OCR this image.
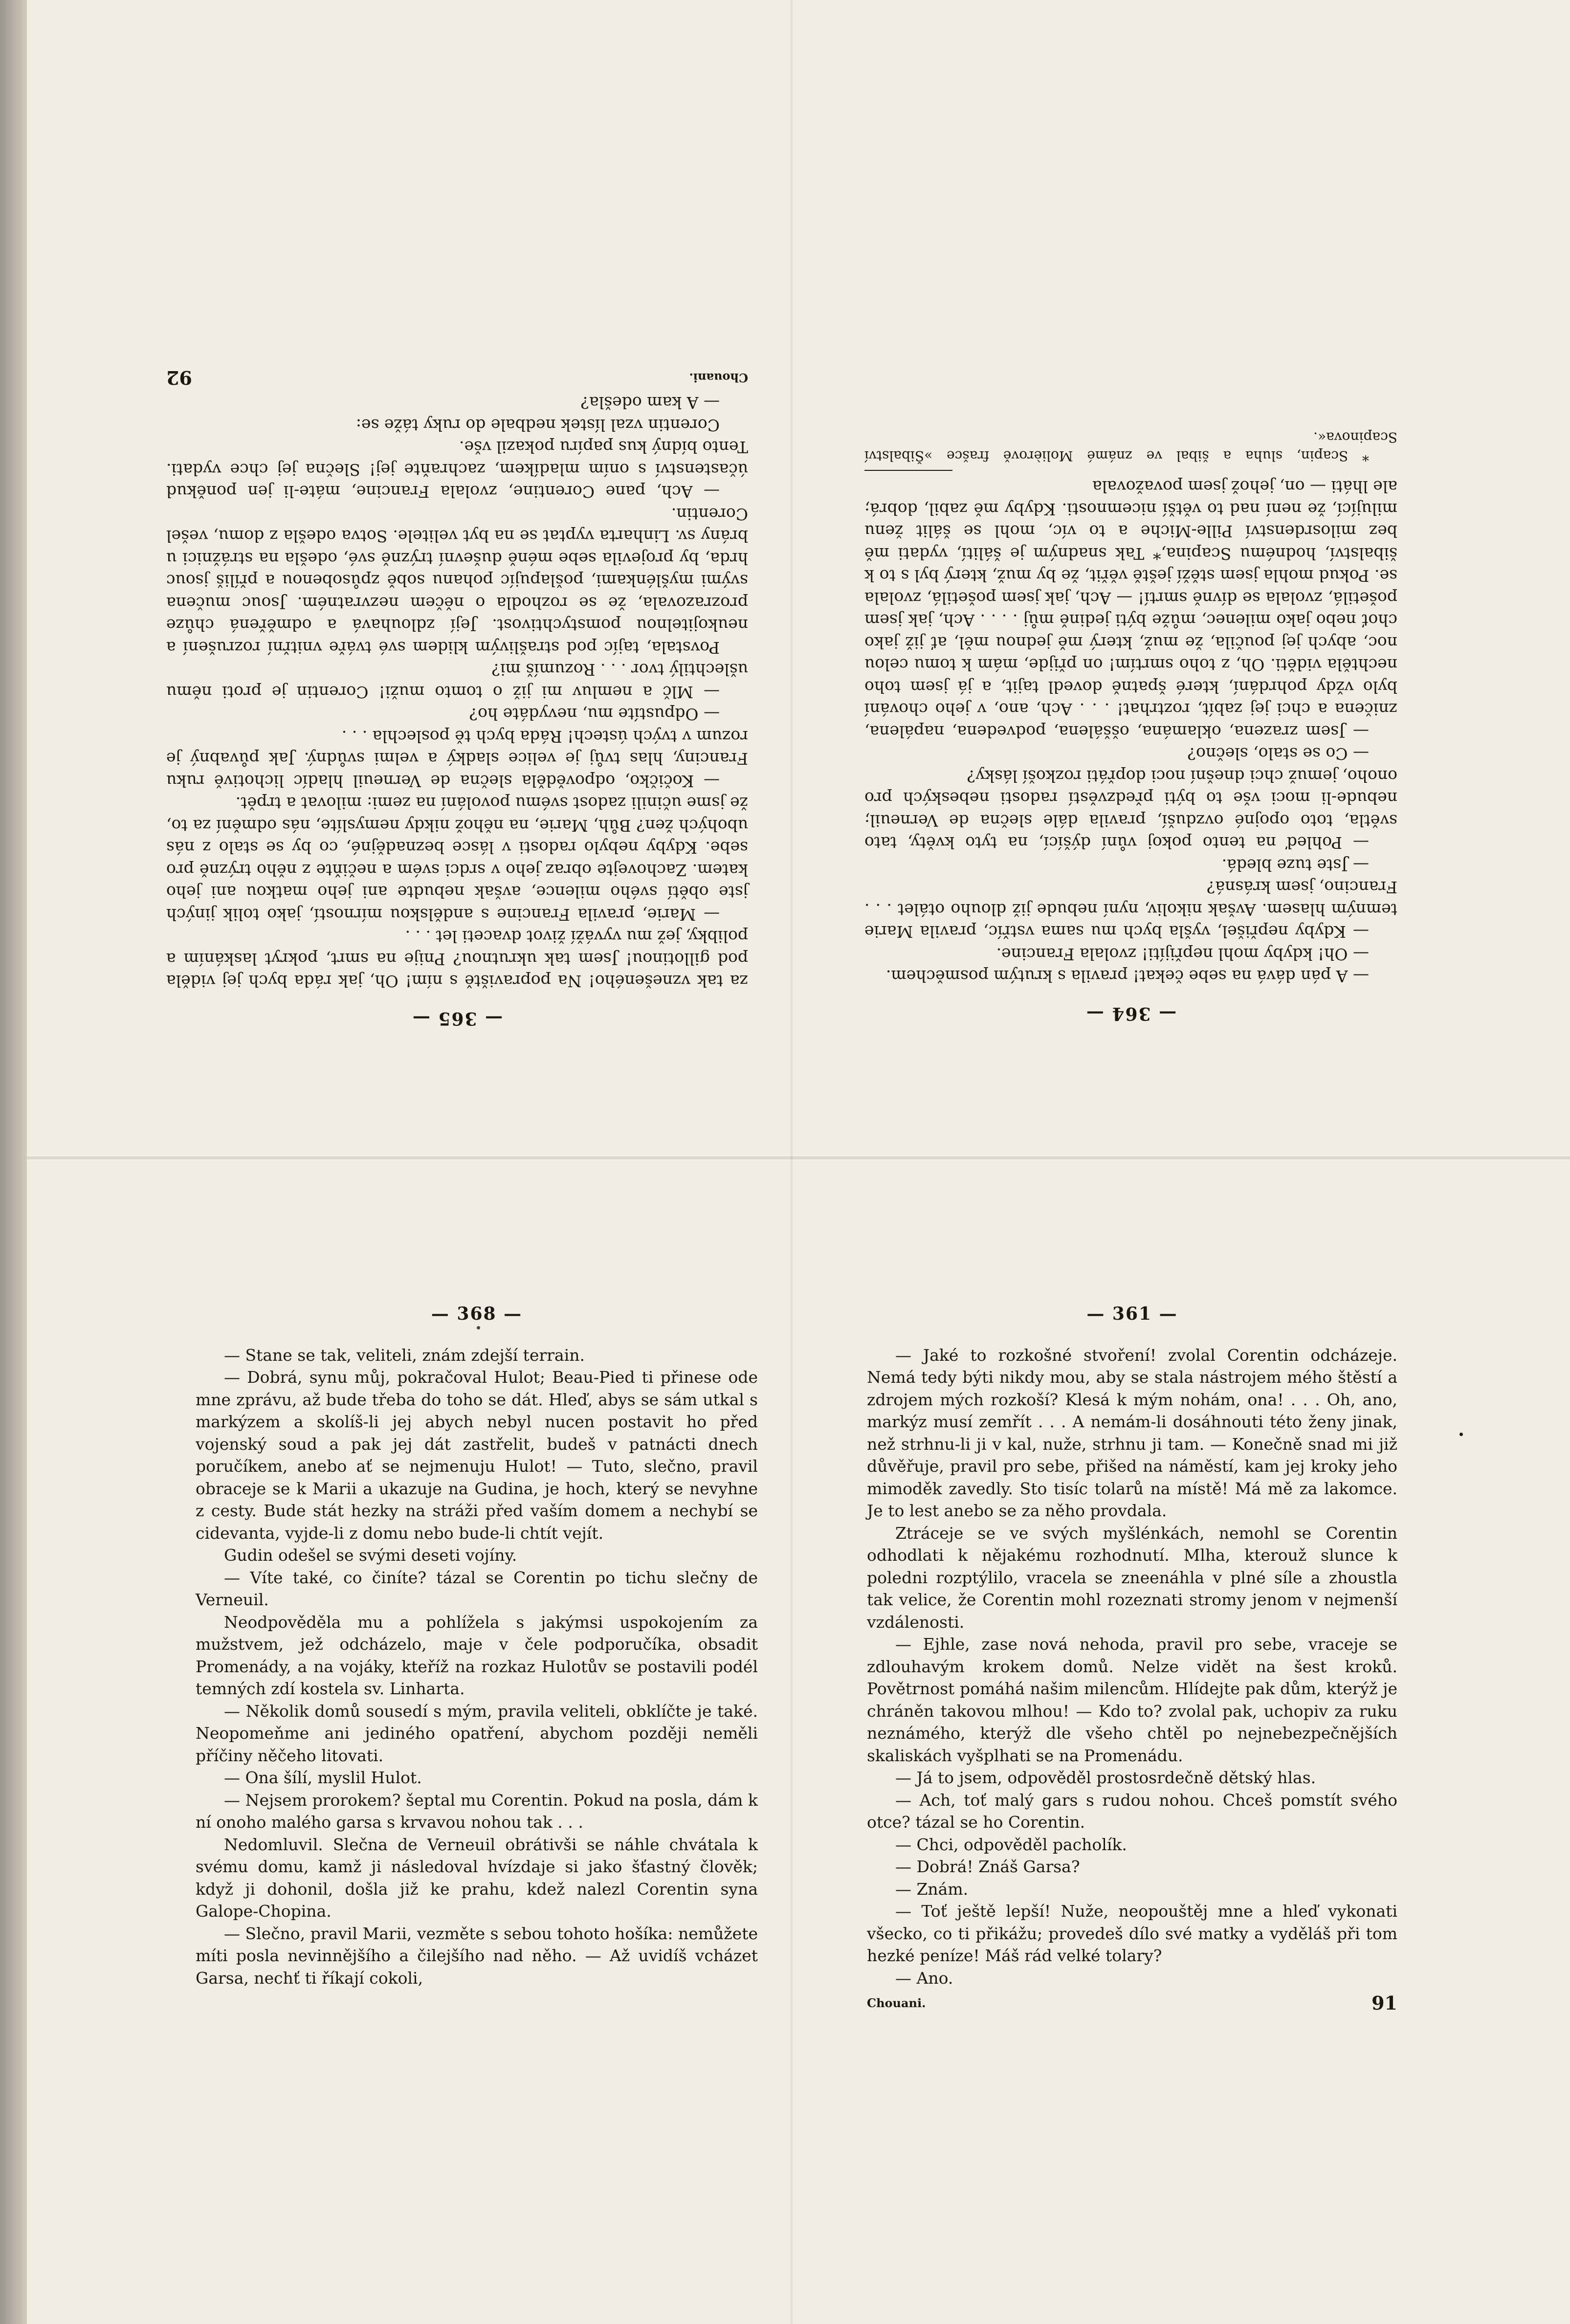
— 365 —

za tak vznešeného! Na popraviště s ním! Oh, jak ráda bych jej viděla pod gillotinou! Jsem tak ukrutnou? Pnije na smrt, pokryt laskáním a polibky, jež mu vyváží život dvaceti let . . .

— Marie, pravila Francine s andělskou mírností, jako tolik jiných jste obětí svého milence, avšak nebudte ani jeho matkou ani jeho katem. Zachovejte obraz jeho v srdci svém a nečiňte z něho trýzně pro sebe. Kdyby nebylo radosti v lásce beznadějné, co by se stalo z nás ubohých žen? Bůh, Marie, na něhož nikdy nemyslíte, nás odmění za to, že jsme učinili zadost svému povolání na zemi: milovat a trpět.

— Kočičko, odpověděla slečna de Verneuil hladíc lichotivě ruku Franciny, hlas tvůj je velice sladký a velmi svůdný. Jak půvabný je rozum v tvých ústech! Ráda bych tě poslechla . . .

— Odpustíte mu, nevydáte ho?

— Mlč a nemluv mi již o tomto muži! Corentin je proti němu ušlechtilý tvor . . . Rozumíš mi?

Povstala, tajíc pod strašlivým klidem své tváře vnitřní rozrušení a neukojitelnou pomstychtivost. Její zdlouhavá a odměřená chůze prozrazovala, že se rozhodla o něčem nezvratném. Jsouc mučena svými myšlénkami, pošlapujíc pohanu sobě způsobenou a příliš jsouc hrda, by projevila sebe méně duševní trýzně své, odešla na strážnici u brány sv. Linharta vyptat se na byt velitele. Sotva odešla z domu, vešel Corentin.

— Ach, pane Corentine, zvolala Francine, máte-li jen poněkud účastenství s oním mladíkem, zachraňte jej! Slečna jej chce vydati. Tento bídný kus papíru pokazil vše.

Corentin vzal lístek nedbale do ruky táže se:

— A kam odešla?

Chouani.
92
— 364 —

— A pán dává na sebe čekat! pravila s krutým posměchem.

— Oh! kdyby mohl nepřijíti! zvolala Francine.

— Kdyby nepřišel, vyšla bych mu sama vstříc, pravila Marie temným hlasem. Avšak nikoliv, nyní nebude již dlouho otálet . . . Francino, jsem krásná?

— Jste tuze bledá.

— Pohleď na tento pokoj vůní dýšící, na tyto květy, tato světla, toto opojné ovzduší, pravila dále slečna de Verneuil; nebude-li moci vše to býti předzvěstí radosti nebeských pro onoho, jemuž chci dnešní noci dopřáti rozkoší lásky?

— Co se stalo, slečno?

— Jsem zrazena, oklamána, oššálena, podvedena, napálena, zničena a chci jej zabít, roztrhat! . . . Ach, ano, v jeho chování bylo vždy pohrdání, které špatně dovedl tajit, a já jsem toho nechtěla viděti. Oh, z toho smrtím! on přijde, mám k tomu celou noc, abych jej poučila, že muž, který mě jednou měl, ať již jako choť nebo jako milenec, může býti jedině můj . . . . Ach, jak jsem pošetilá, zvolala se dívně smrtí! — Ach, jak jsem pošetilá, zvolala se. Pokud mohla jsem stěží ještě věřit, že by muž, který byl s to k šibalství, hodnému Scapina,* Tak snadným je šálití, vydati mě bez milosrdenství Pille-Miche a to víc, mohl se šálit ženu milující, že není nad to větší nicemnosti. Kdyby mě zabil, dobrá; ale lháti — on, jehož jsem považovala

* Scapin, sluha a šibal ve známé Molièrově frašce »Šibalství Scapinova«.

— 368 —

— Stane se tak, veliteli, znám zdejší terrain.

— Dobrá, synu můj, pokračoval Hulot; Beau-Pied ti přinese ode mne zprávu, až bude třeba do toho se dát. Hleď, abys se sám utkal s markýzem a skolíš-li jej abych nebyl nucen postavit ho před vojenský soud a pak jej dát zastřelit, budeš v patnácti dnech poručíkem, anebo ať se nejmenuju Hulot! — Tuto, slečno, pravil obraceje se k Marii a ukazuje na Gudina, je hoch, který se nevyhne z cesty. Bude stát hezky na stráži před vaším domem a nechybí se cidevanta, vyjde-li z domu nebo bude-li chtít vejít.

Gudin odešel se svými deseti vojíny.

— Víte také, co činíte? tázal se Corentin po tichu slečny de Verneuil.

Neodpověděla mu a pohlížela s jakýmsi uspokojením za mužstvem, jež odcházelo, maje v čele podporučíka, obsadit Promenády, a na vojáky, kteříž na rozkaz Hulotův se postavili podél temných zdí kostela sv. Linharta.

— Několik domů sousedí s mým, pravila veliteli, obklíčte je také. Neopomeňme ani jediného opatření, abychom později neměli příčiny něčeho litovati.

— Ona šílí, myslil Hulot.

— Nejsem prorokem? šeptal mu Corentin. Pokud na posla, dám k ní onoho malého garsa s krvavou nohou tak . . .

Nedomluvil. Slečna de Verneuil obrátivši se náhle chvátala k svému domu, kamž ji následoval hvízdaje si jako šťastný člověk; když ji dohonil, došla již ke prahu, kdež nalezl Corentin syna Galope-Chopina.

— Slečno, pravil Marii, vezměte s sebou tohoto hošíka: nemůžete míti posla nevinnějšího a čilejšího nad něho. — Až uvidíš vcházet Garsa, nechť ti říkají cokoli,

— 361 —

— Jaké to rozkošné stvoření! zvolal Corentin odcházeje. Nemá tedy býti nikdy mou, aby se stala nástrojem mého štěstí a zdrojem mých rozkoší? Klesá k mým nohám, ona! . . . Oh, ano, markýz musí zemřít . . . A nemám-li dosáhnouti této ženy jinak, než strhnu-li ji v kal, nuže, strhnu ji tam. — Konečně snad mi již důvěřuje, pravil pro sebe, přišed na náměstí, kam jej kroky jeho mimoděk zavedly. Sto tisíc tolarů na místě! Má mě za lakomce. Je to lest anebo se za něho provdala.

Ztráceje se ve svých myšlénkách, nemohl se Corentin odhodlati k nějakému rozhodnutí. Mlha, kterouž slunce k poledni rozptýlilo, vracela se zneenáhla v plné síle a zhoustla tak velice, že Corentin mohl rozeznati stromy jenom v nejmenší vzdálenosti.

— Ejhle, zase nová nehoda, pravil pro sebe, vraceje se zdlouhavým krokem domů. Nelze vidět na šest kroků. Povětrnost pomáhá našim milencům. Hlídejte pak dům, kterýž je chráněn takovou mlhou! — Kdo to? zvolal pak, uchopiv za ruku neznámého, kterýž dle všeho chtěl po nejnebezpečnějších skaliskách vyšplhati se na Promenádu.

— Já to jsem, odpověděl prostosrdečně dětský hlas.

— Ach, toť malý gars s rudou nohou. Chceš pomstít svého otce? tázal se ho Corentin.

— Chci, odpověděl pacholík.

— Dobrá! Znáš Garsa?

— Znám.

— Toť ještě lepší! Nuže, neopouštěj mne a hleď vykonati všecko, co ti přikážu; provedeš dílo své matky a vyděláš při tom hezké peníze! Máš rád velké tolary?

— Ano.

Chouani.	91
